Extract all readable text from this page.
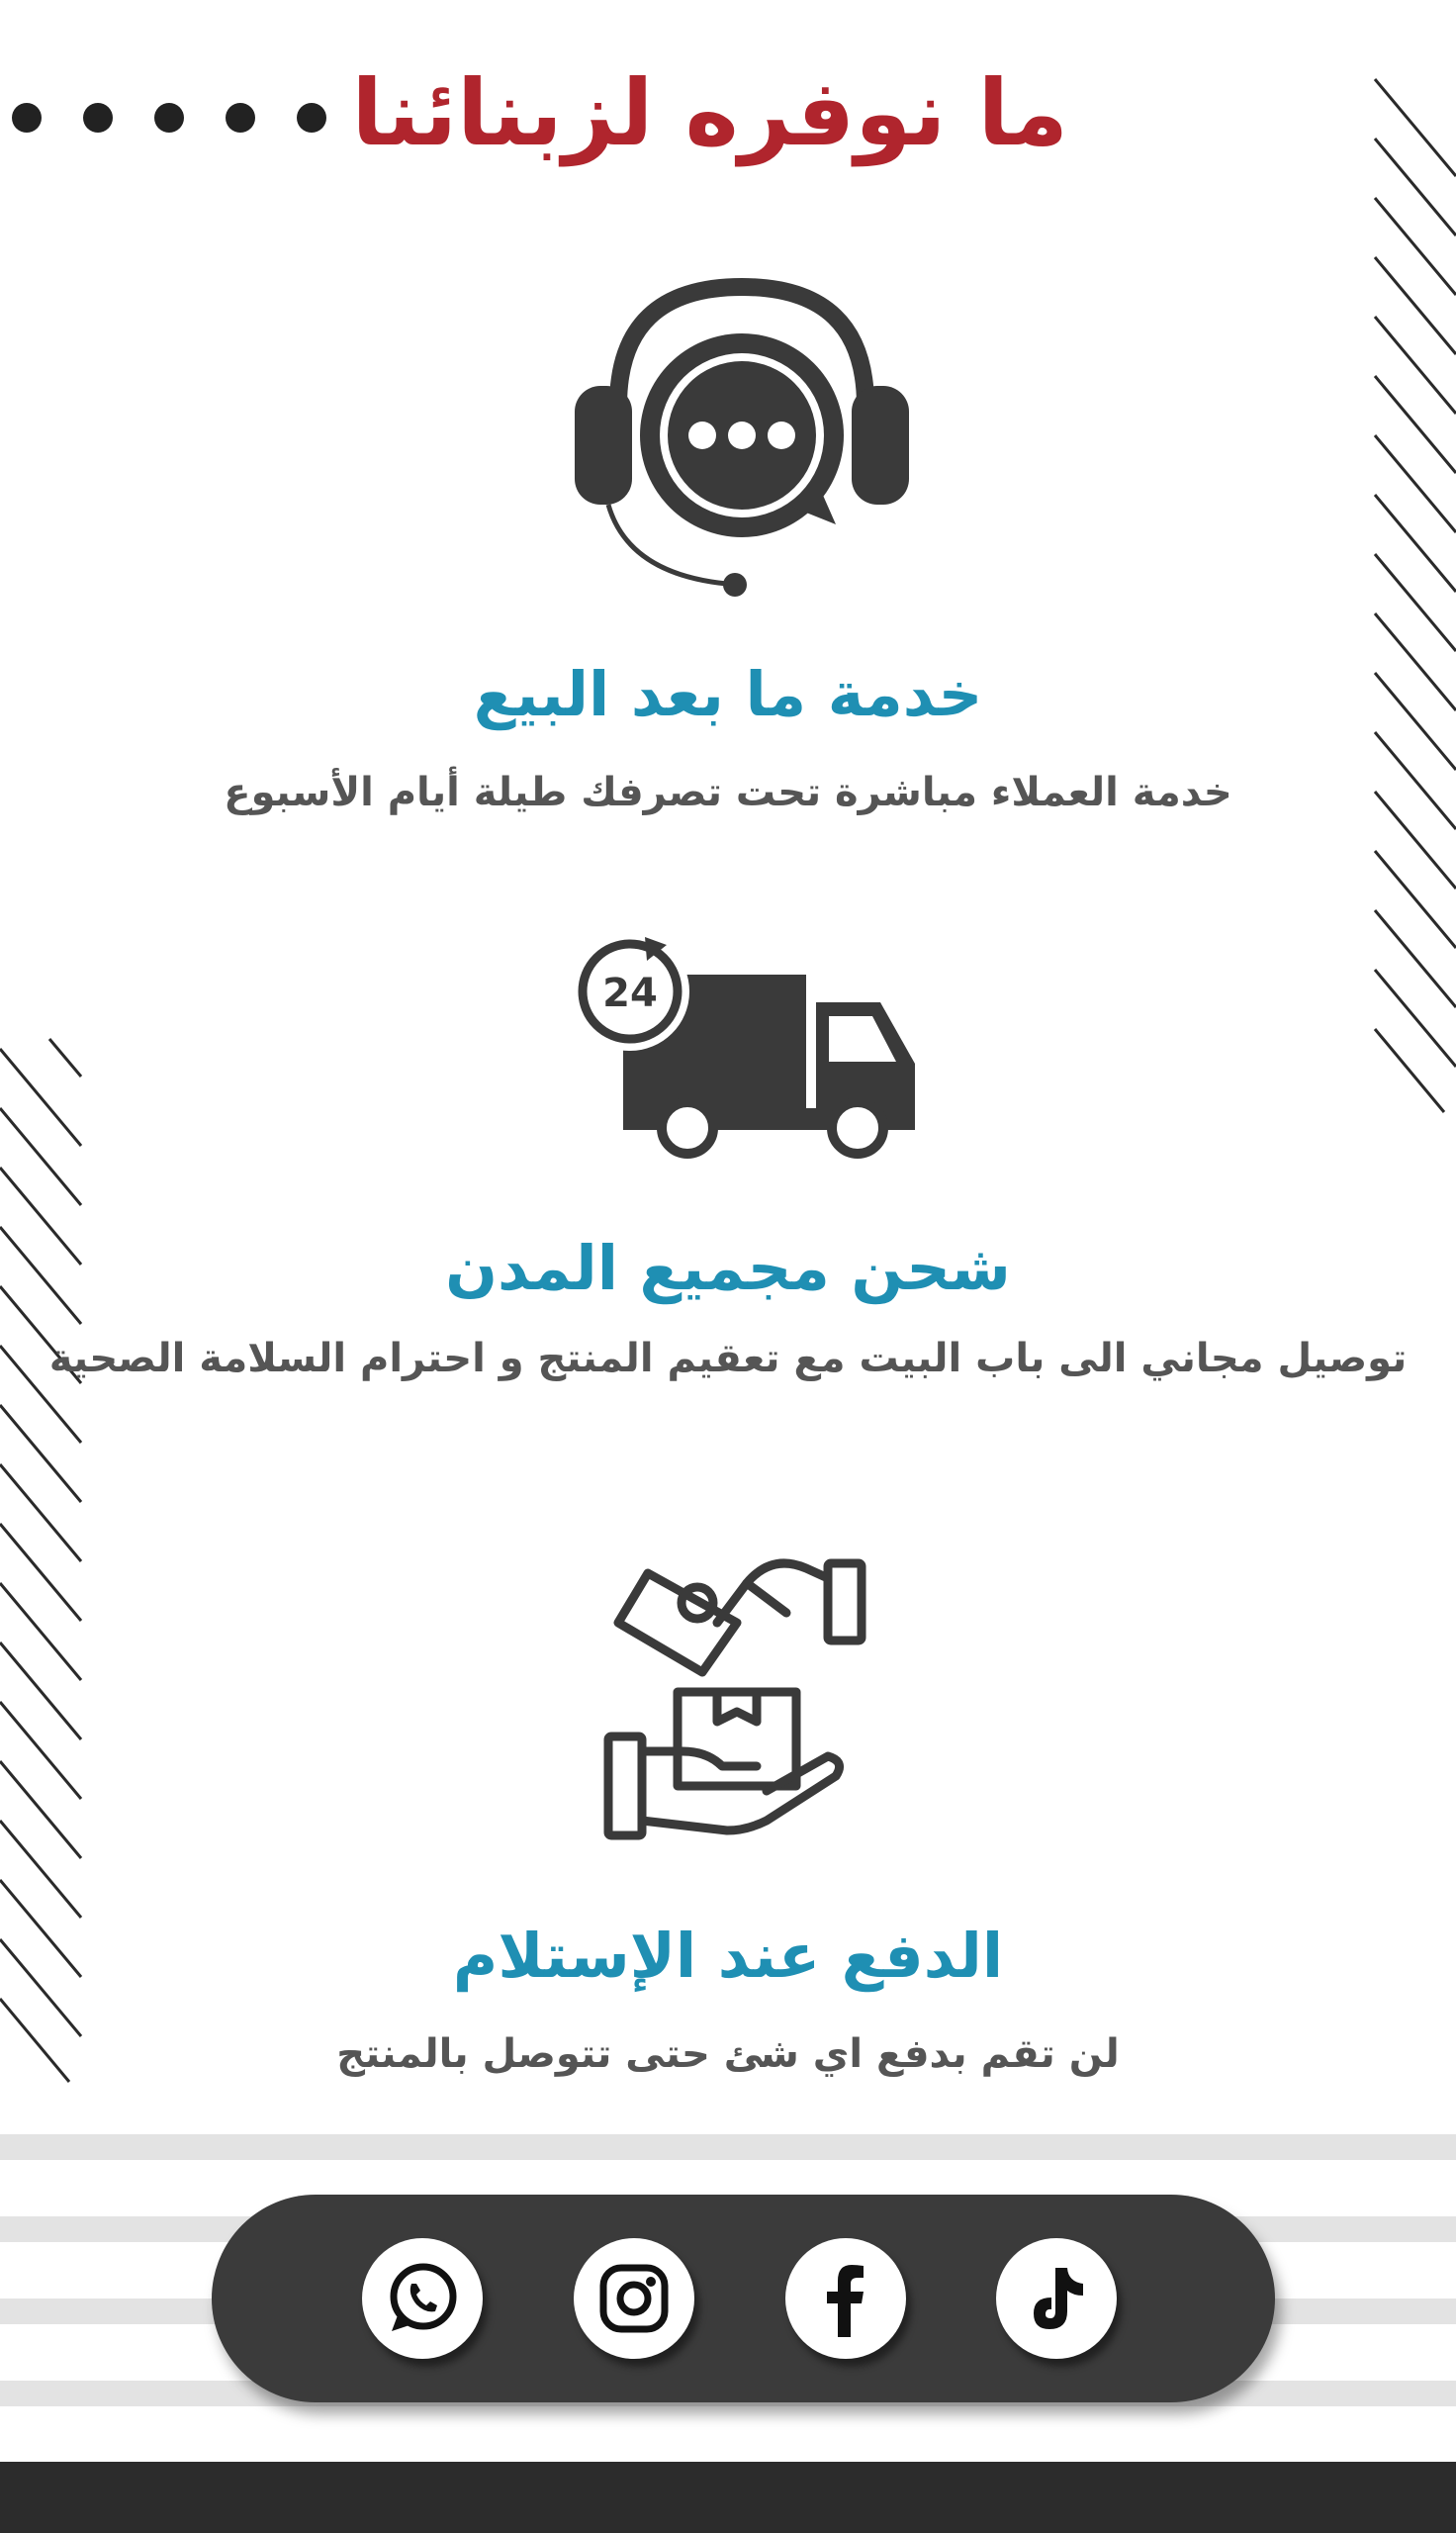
ما نوفره لزبنائنا
خدمة ما بعد البيع
خدمة العملاء مباشرة تحت تصرفك طيلة أيام الأسبوع
24
شحن مجميع المدن
توصيل مجاني الى باب البيت مع تعقيم المنتج و احترام السلامة الصحية
الدفع عند الإستلام
لن تقم بدفع اي شئ حتى تتوصل بالمنتج
